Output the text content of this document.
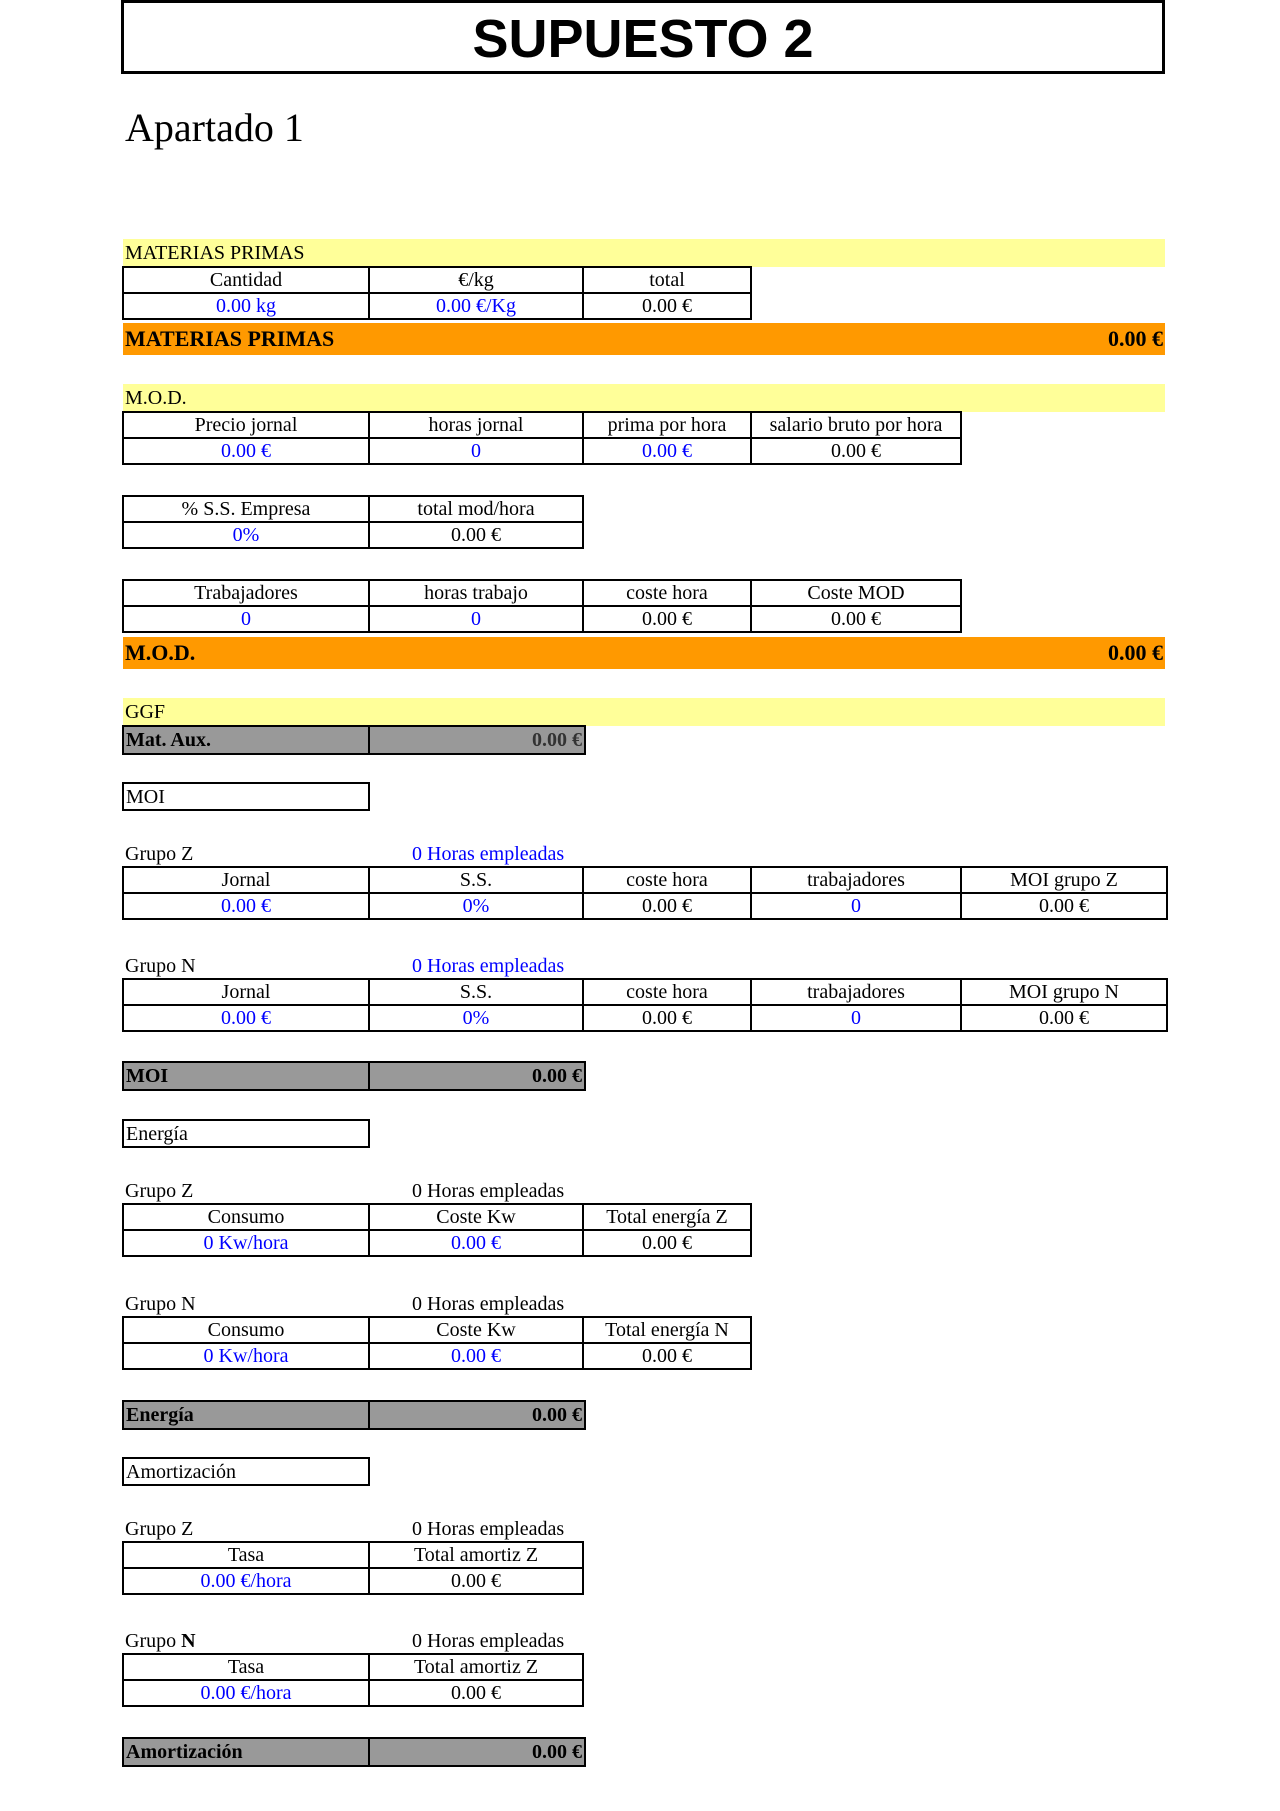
SUPUESTO 2
Apartado 1
MATERIAS PRIMAS
Cantidad	€/kg	total
0.00 kg	0.00 €/Kg	0.00 €
MATERIAS PRIMAS	0.00 €
M.O.D.
Precio jornal	horas jornal	prima por hora	salario bruto por hora
0.00 €	0	0.00 €	0.00 €
% S.S. Empresa	total mod/hora
0%	0.00 €
Trabajadores	horas trabajo	coste hora	Coste MOD
0	0	0.00 €	0.00 €
M.O.D.	0.00 €
GGF
Mat. Aux.	0.00 €
MOI
Grupo Z	0 Horas empleadas
Jornal	S.S.	coste hora	trabajadores	MOI grupo Z
0.00 €	0%	0.00 €	0	0.00 €
Grupo N	0 Horas empleadas
Jornal	S.S.	coste hora	trabajadores	MOI grupo N
0.00 €	0%	0.00 €	0	0.00 €
MOI	0.00 €
Energía
Grupo Z	0 Horas empleadas
Consumo	Coste Kw	Total energía Z
0 Kw/hora	0.00 €	0.00 €
Grupo N	0 Horas empleadas
Consumo	Coste Kw	Total energía N
0 Kw/hora	0.00 €	0.00 €
Energía	0.00 €
Amortización
Grupo Z	0 Horas empleadas
Tasa	Total amortiz Z
0.00 €/hora	0.00 €
Grupo N	0 Horas empleadas
Tasa	Total amortiz Z
0.00 €/hora	0.00 €
Amortización	0.00 €
